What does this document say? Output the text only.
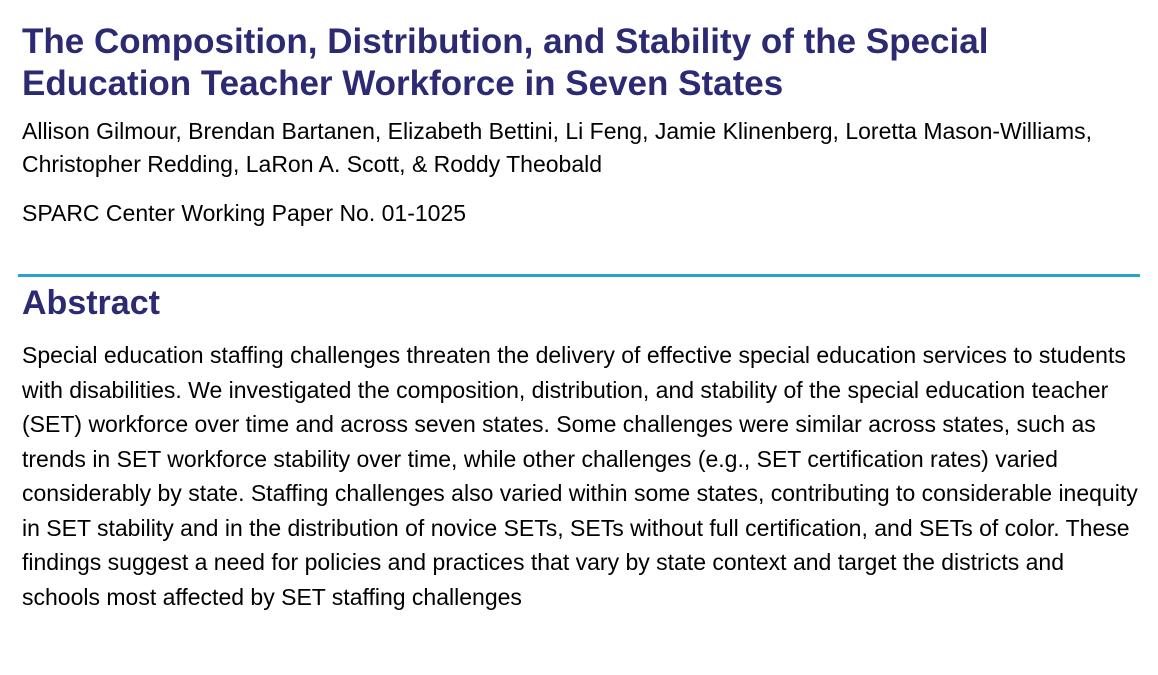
The Composition, Distribution, and Stability of the Special Education Teacher Workforce in Seven States

Allison Gilmour, Brendan Bartanen, Elizabeth Bettini, Li Feng, Jamie Klinenberg, Loretta Mason-Williams, Christopher Redding, LaRon A. Scott, & Roddy Theobald

SPARC Center Working Paper No. 01-1025

Abstract

Special education staffing challenges threaten the delivery of effective special education services to students with disabilities. We investigated the composition, distribution, and stability of the special education teacher (SET) workforce over time and across seven states. Some challenges were similar across states, such as trends in SET workforce stability over time, while other challenges (e.g., SET certification rates) varied considerably by state. Staffing challenges also varied within some states, contributing to considerable inequity in SET stability and in the distribution of novice SETs, SETs without full certification, and SETs of color. These findings suggest a need for policies and practices that vary by state context and target the districts and schools most affected by SET staffing challenges
